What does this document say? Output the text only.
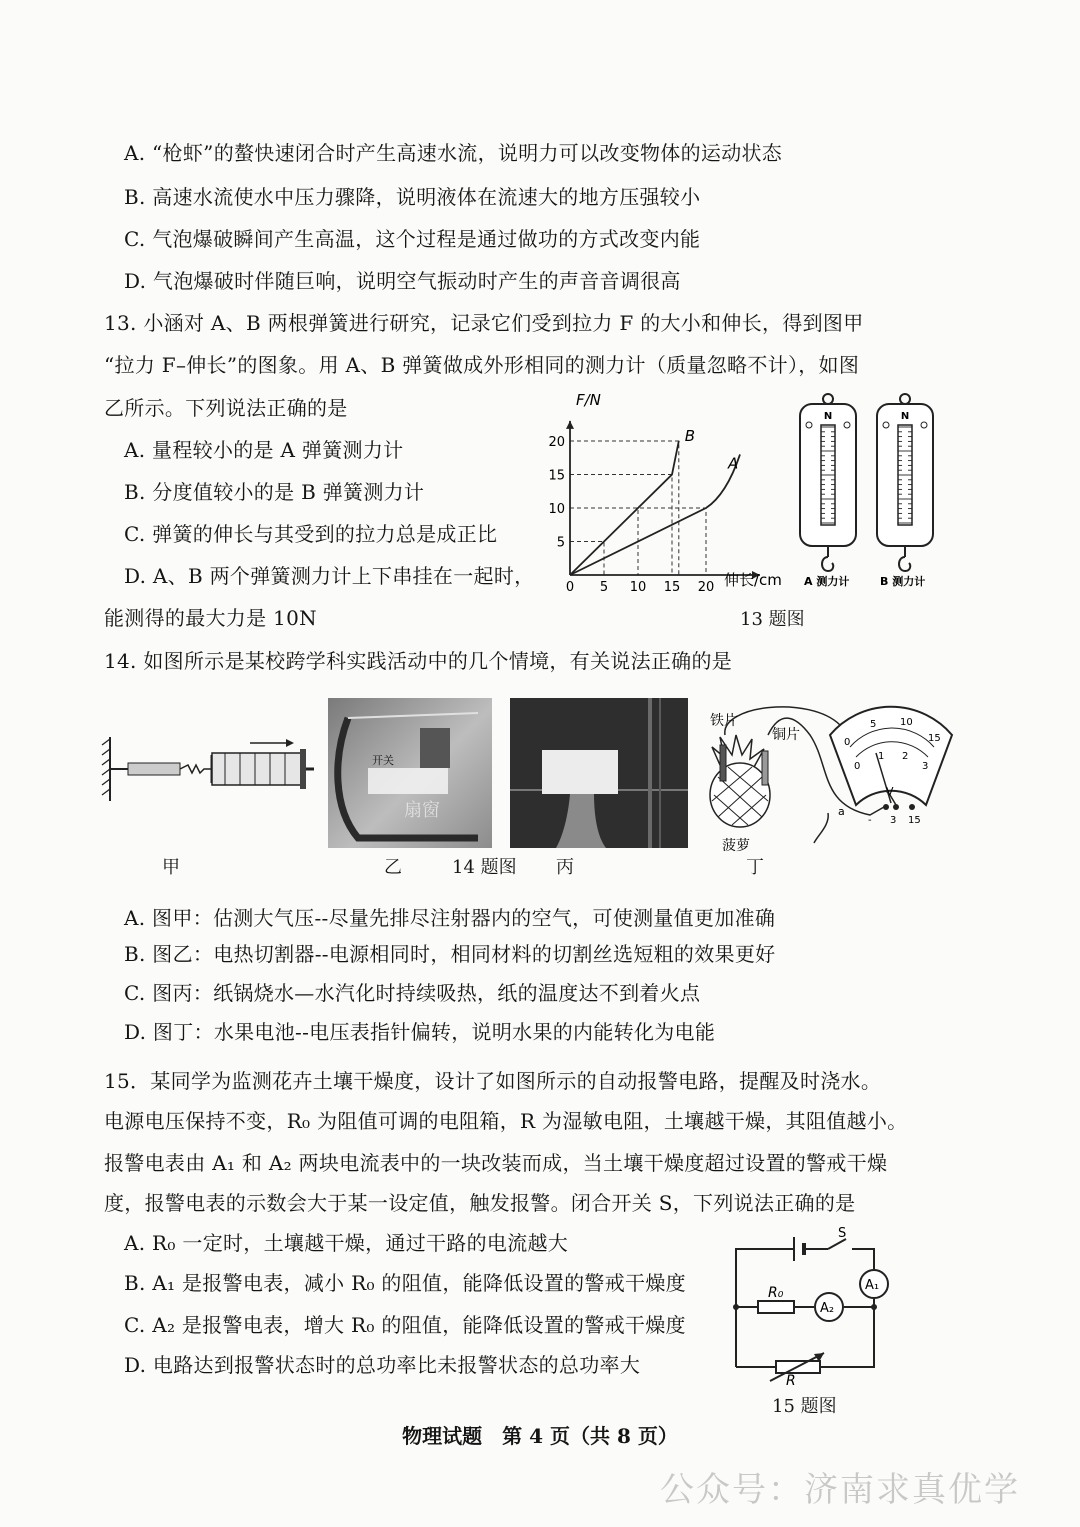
A. “枪虾”的螯快速闭合时产生高速水流，说明力可以改变物体的运动状态
B. 高速水流使水中压力骤降，说明液体在流速大的地方压强较小
C. 气泡爆破瞬间产生高温，这个过程是通过做功的方式改变内能
D. 气泡爆破时伴随巨响，说明空气振动时产生的声音音调很高
13. 小涵对 A、B 两根弹簧进行研究，记录它们受到拉力 F 的大小和伸长，得到图甲
“拉力 F–伸长”的图象。用 A、B 弹簧做成外形相同的测力计（质量忽略不计），如图
乙所示。下列说法正确的是
A. 量程较小的是 A 弹簧测力计
B. 分度值较小的是 B 弹簧测力计
C. 弹簧的伸长与其受到的拉力总是成正比
D. A、B 两个弹簧测力计上下串挂在一起时，
能测得的最大力是 10N
0 5 10 15 20
5
10
15
20	B
A
F/N
伸长/cm
N
A 测力计
N
B 测力计
13 题图
14. 如图所示是某校跨学科实践活动中的几个情境，有关说法正确的是
开关
扇窗
铁片
铜片
菠萝
0
5 10
15
0
1 2
3
V
a
- 3 15
甲	乙	14 题图 丙	丁
A. 图甲：估测大气压--尽量先排尽注射器内的空气，可使测量值更加准确
B. 图乙：电热切割器--电源相同时，相同材料的切割丝选短粗的效果更好
C. 图丙：纸锅烧水—水汽化时持续吸热，纸的温度达不到着火点
D. 图丁：水果电池--电压表指针偏转，说明水果的内能转化为电能
15．某同学为监测花卉土壤干燥度，设计了如图所示的自动报警电路，提醒及时浇水。
电源电压保持不变，R₀ 为阻值可调的电阻箱，R 为湿敏电阻，土壤越干燥，其阻值越小。
报警电表由 A₁ 和 A₂ 两块电流表中的一块改装而成，当土壤干燥度超过设置的警戒干燥
度，报警电表的示数会大于某一设定值，触发报警。闭合开关 S，下列说法正确的是
A. R₀ 一定时，土壤越干燥，通过干路的电流越大
B. A₁ 是报警电表，减小 R₀ 的阻值，能降低设置的警戒干燥度
C. A₂ 是报警电表，增大 R₀ 的阻值，能降低设置的警戒干燥度
D. 电路达到报警状态时的总功率比未报警状态的总功率大
A₁
A₂
R₀
R
S
15 题图
物理试题　第 4 页（共 8 页）
公众号：济南求真优学
